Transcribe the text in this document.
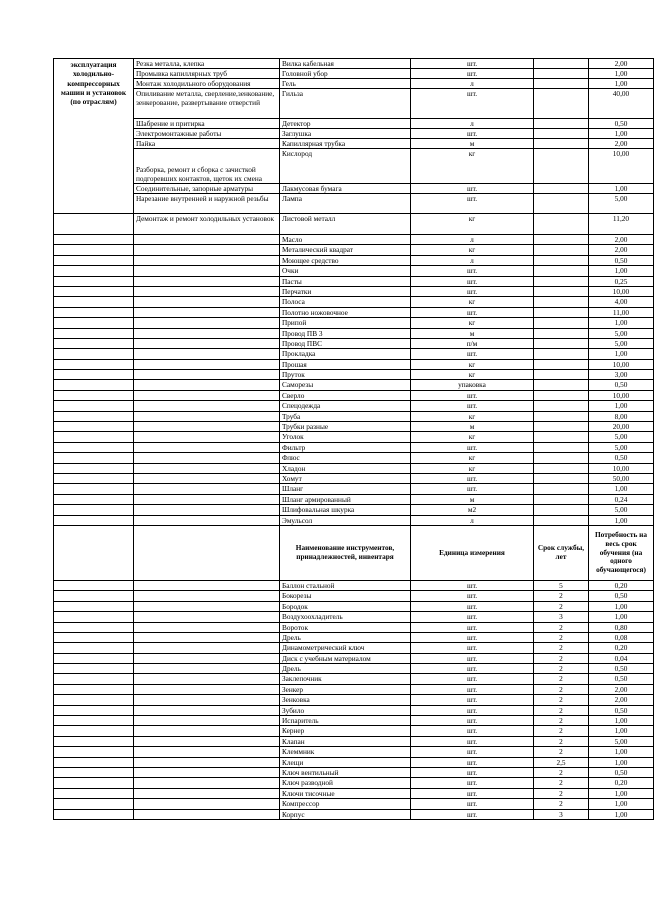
эксплуатация холодильно-компрессорных машин и установок (по отраслям)	Резка металла, клепка	Вилка кабельная	шт.		2,00
	Промывка капиллярных труб	Головной убор	шт.		1,00
	Монтаж холодильного оборудования	Гель	л		1,00
	Опиливание металла, сверление,зенкование, зенкерование, развертывание отверстий	Гильза	шт.		40,00
	Шабрение и притирка	Детектор	л		0,50
	Электромонтажные работы	Заглушка	шт.		1,00
	Пайка	Капиллярная трубка	м		2,00
	Разборка, ремонт и сборка с зачисткой подгоревших контактов, щеток их смена	Кислород	кг		10,00
	Соединительные, запорные арматуры	Лакмусовая бумага	шт.		1,00
	Нарезание внутренней и наружной резьбы	Лампа	шт.		5,00
	Демонтаж и ремонт холодильных установок	Листовой металл	кг		11,20
		Масло	л		2,00
		Металический квадрат	кг		2,00
		Моющее средство	л		0,50
		Очки	шт.		1,00
		Пасты	шт.		0,25
		Перчатки	шт.		10,00
		Полоса	кг		4,00
		Полотно ножовочное	шт.		11,00
		Припой	кг		1,00
		Провод ПВ 3	м		5,00
		Провод ПВС	п/м		5,00
		Прокладка	шт.		1,00
		Прошая	кг		10,00
		Пруток	кг		3,00
		Саморезы	упаковка		0,50
		Сверло	шт.		10,00
		Спецодежда	шт.		1,00
		Труба	кг		8,00
		Трубки разные	м		20,00
		Уголок	кг		5,00
		Фильтр	шт.		5,00
		Флюс	кг		0,50
		Хладон	кг		10,00
		Хомут	шт.		50,00
		Шланг	шт.		1,00
		Шланг армированный	м		0,24
		Шлифовальная шкурка	м2		5,00
		Эмульсол	л		1,00
		Наименование инструментов, принадлежностей, инвентаря	Единица измерения	Срок службы, лет	Потребность на весь срок обучения (на одного обучающегося)
		Баллон стальной	шт.	5	0,20
		Бокорезы	шт.	2	0,50
		Бородок	шт.	2	1,00
		Воздухоохладитель	шт.	3	1,00
		Вороток	шт.	2	0,80
		Дрель	шт.	2	0,08
		Динамометрический ключ	шт.	2	0,20
		Диск с учебным материалом	шт.	2	0,04
		Дрель	шт.	2	0,50
		Заклепочник	шт.	2	0,50
		Зенкер	шт.	2	2,00
		Зенковка	шт.	2	2,00
		Зубило	шт.	2	0,50
		Испаритель	шт.	2	1,00
		Кернер	шт.	2	1,00
		Клапан	шт.	2	5,00
		Клеммник	шт.	2	1,00
		Клещи	шт.	2,5	1,00
		Ключ вентильный	шт.	2	0,50
		Ключ разводной	шт.	2	0,20
		Ключи тисочные	шт.	2	1,00
		Компрессор	шт.	2	1,00
		Корпус	шт.	3	1,00
